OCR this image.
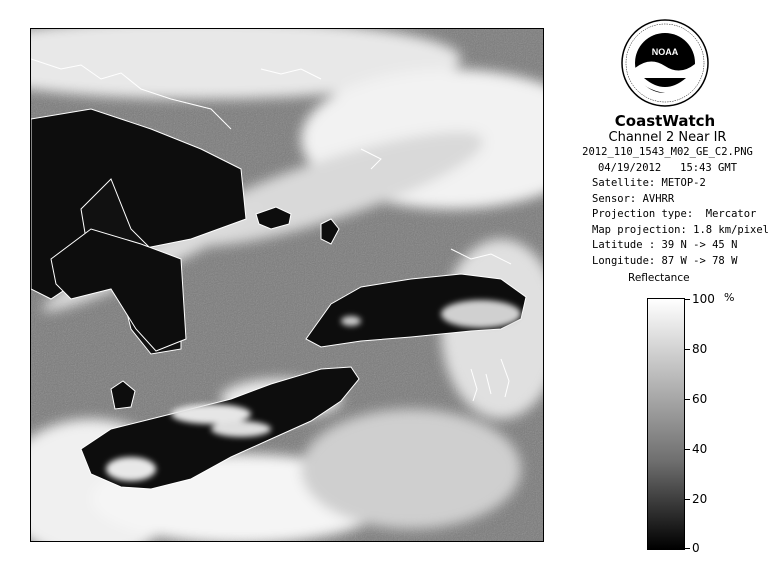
NOAA
CoastWatch
Channel 2 Near IR
2012_110_1543_M02_GE_C2.PNG
04/19/2012   15:43 GMT
Satellite: METOP-2
Sensor: AVHRR
Projection type:  Mercator
Map projection: 1.8 km/pixel
Latitude : 39 N -> 45 N
Longitude: 87 W -> 78 W
Reflectance
%
100
80
60
40
20
0
